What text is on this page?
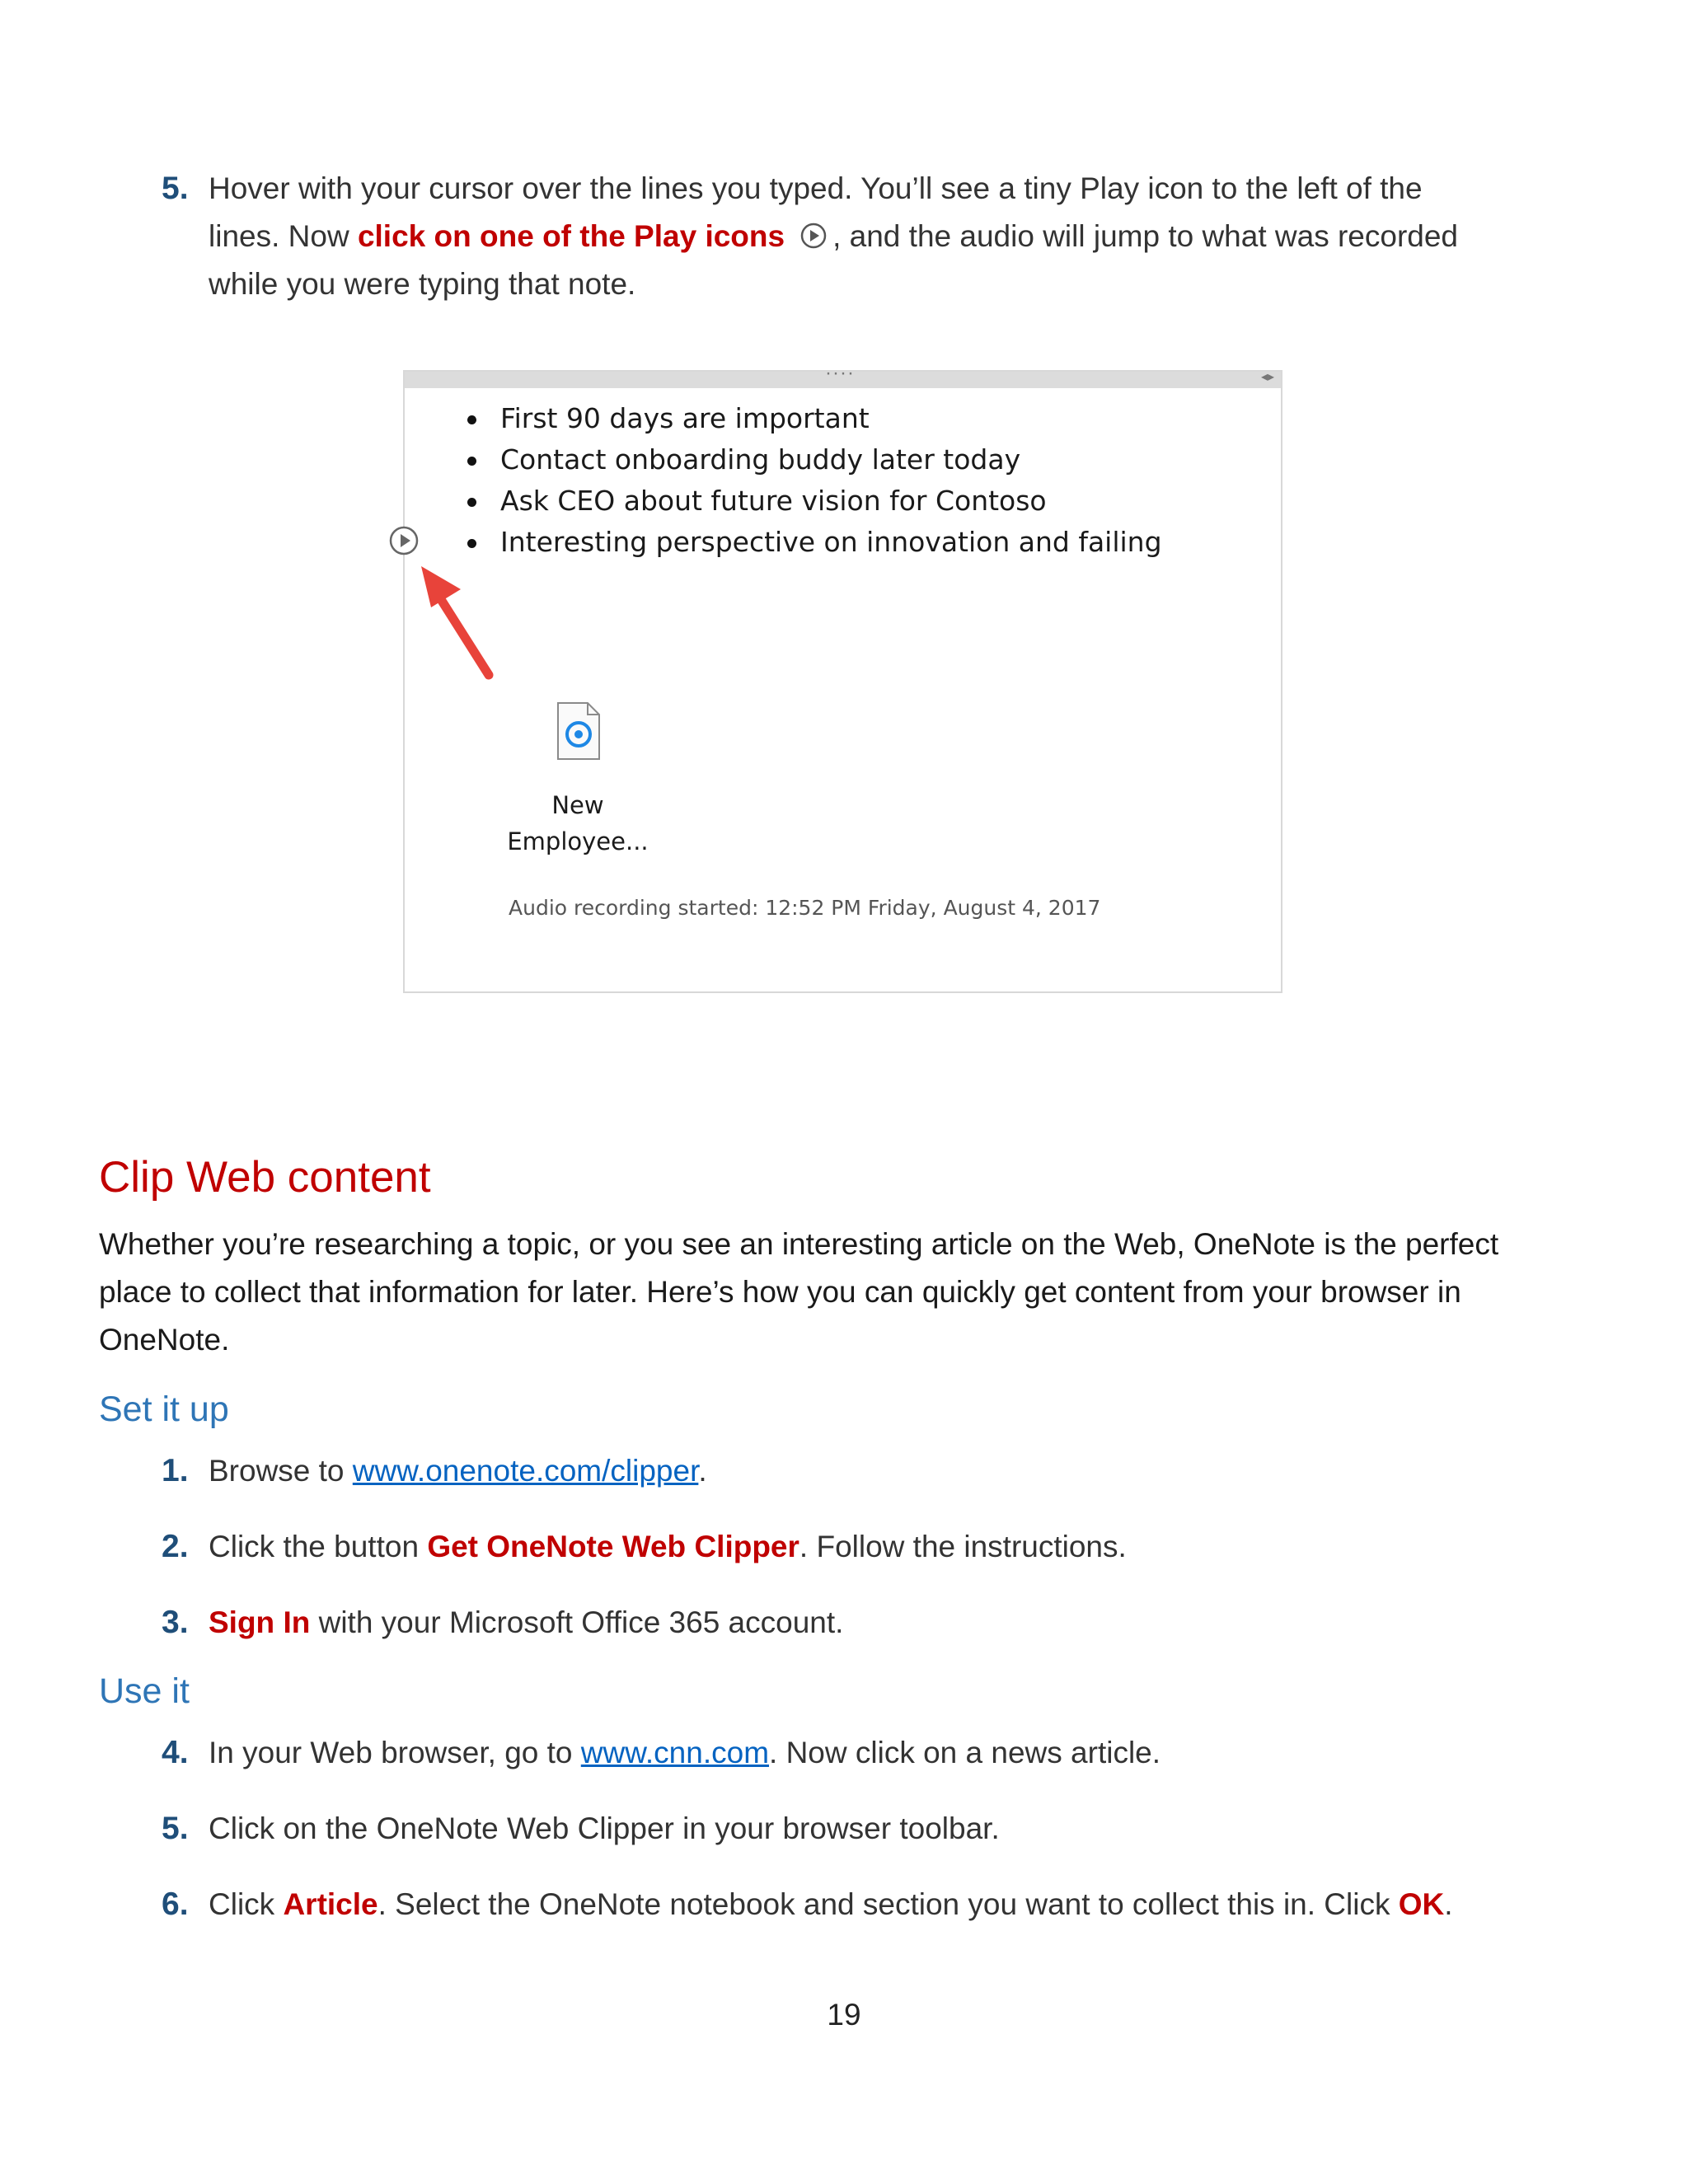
5. Hover with your cursor over the lines you typed. You’ll see a tiny Play icon to the left of the
lines. Now click on one of the Play icons , and the audio will jump to what was recorded
while you were typing that note.
····	◂▸
First 90 days are important
Contact onboarding buddy later today
Ask CEO about future vision for Contoso
Interesting perspective on innovation and failing
New
Employee...
Audio recording started: 12:52 PM Friday, August 4, 2017
Clip Web content
Whether you’re researching a topic, or you see an interesting article on the Web, OneNote is the perfect place to collect that information for later. Here’s how you can quickly get content from your browser in OneNote.
Set it up
1. Browse to www.onenote.com/clipper.
2. Click the button Get OneNote Web Clipper. Follow the instructions.
3. Sign In with your Microsoft Office 365 account.
Use it
4. In your Web browser, go to www.cnn.com. Now click on a news article.
5. Click on the OneNote Web Clipper in your browser toolbar.
6. Click Article. Select the OneNote notebook and section you want to collect this in. Click OK.
19
